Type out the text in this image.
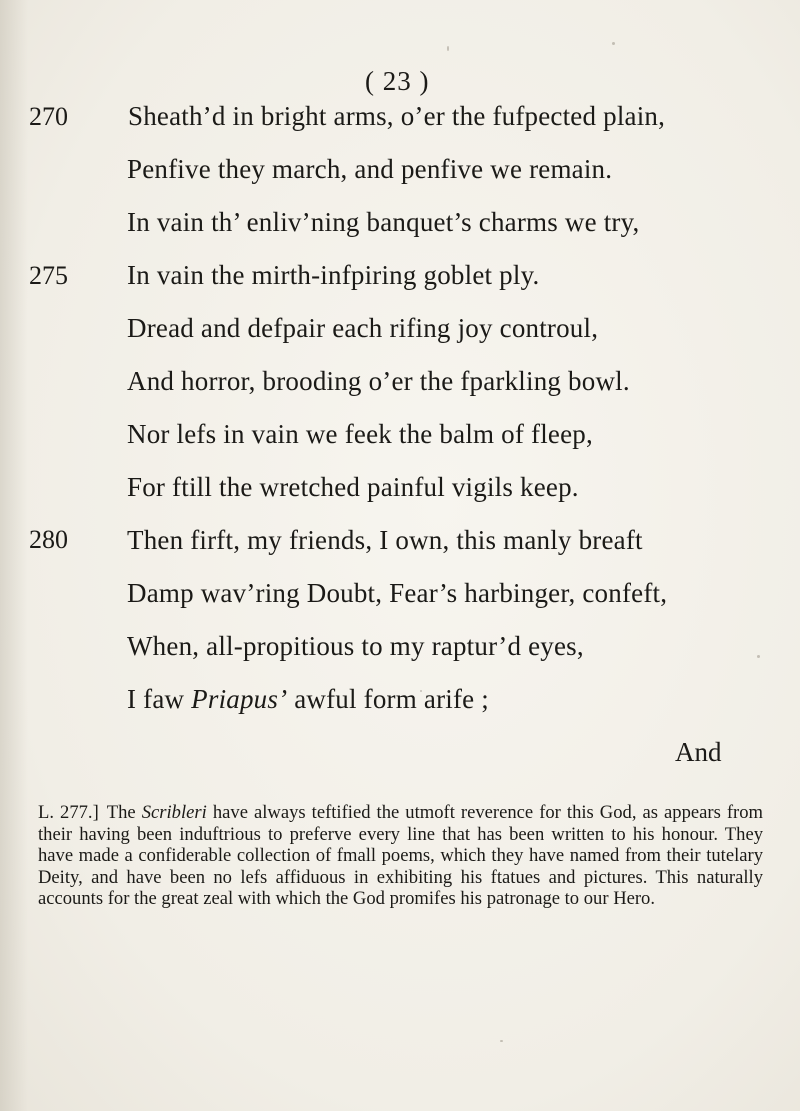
( 23 )
270
275
280
Sheath’d in bright arms, o’er the fufpected plain,
Penfive they march, and penfive we remain.
In vain th’ enliv’ning banquet’s charms we try,
In vain the mirth-infpiring goblet ply.
Dread and defpair each rifing joy controul,
And horror, brooding o’er the fparkling bowl.
Nor lefs in vain we feek the balm of fleep,
For ftill the wretched painful vigils keep.
Then firft, my friends, I own, this manly breaft
Damp wav’ring Doubt, Fear’s harbinger, confeft,
When, all-propitious to my raptur’d eyes,
I faw Priapus’ awful form arife ;
And
L. 277.] The Scribleri have always teftified the utmoft reverence for this God, as appears from their having been induftrious to preferve every line that has been written to his honour. They have made a confiderable collection of fmall poems, which they have named from their tutelary Deity, and have been no lefs affiduous in exhibiting his ftatues and pictures. This naturally accounts for the great zeal with which the God promifes his patronage to our Hero.
